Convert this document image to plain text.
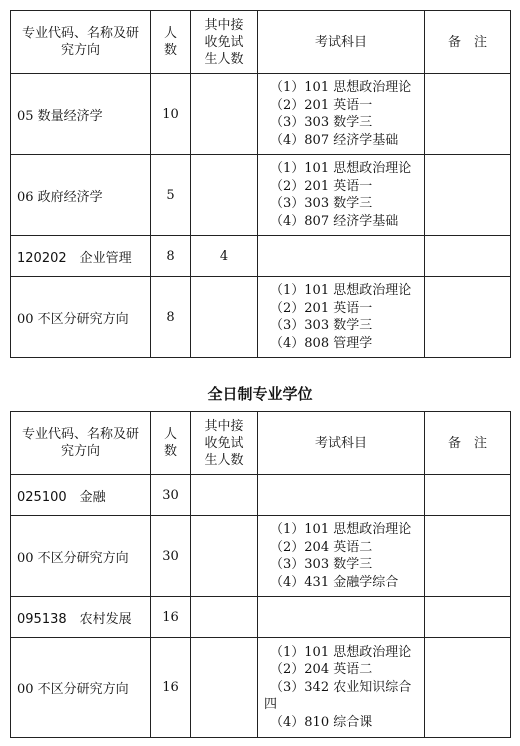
专业代码、名称及研究方向	人数	其中接收免试生人数	考试科目	备　注
05 数量经济学	10		（1）101 思想政治理论
（2）201 英语一
（3）303 数学三
（4）807 经济学基础	

06 政府经济学	5		（1）101 思想政治理论
（2）201 英语一
（3）303 数学三
（4）807 经济学基础	

120202　企业管理	8	4		
00 不区分研究方向	8		（1）101 思想政治理论
（2）201 英语一
（3）303 数学三
（4）808 管理学	

全日制专业学位
专业代码、名称及研究方向	人数	其中接收免试生人数	考试科目	备　注
025100　金融	30			
00 不区分研究方向	30		（1）101 思想政治理论
（2）204 英语二
（3）303 数学三
（4）431 金融学综合	

095138　农村发展	16			
00 不区分研究方向	16		（1）101 思想政治理论
（2）204 英语二
（3）342 农业知识综合
四
（4）810 综合课	
